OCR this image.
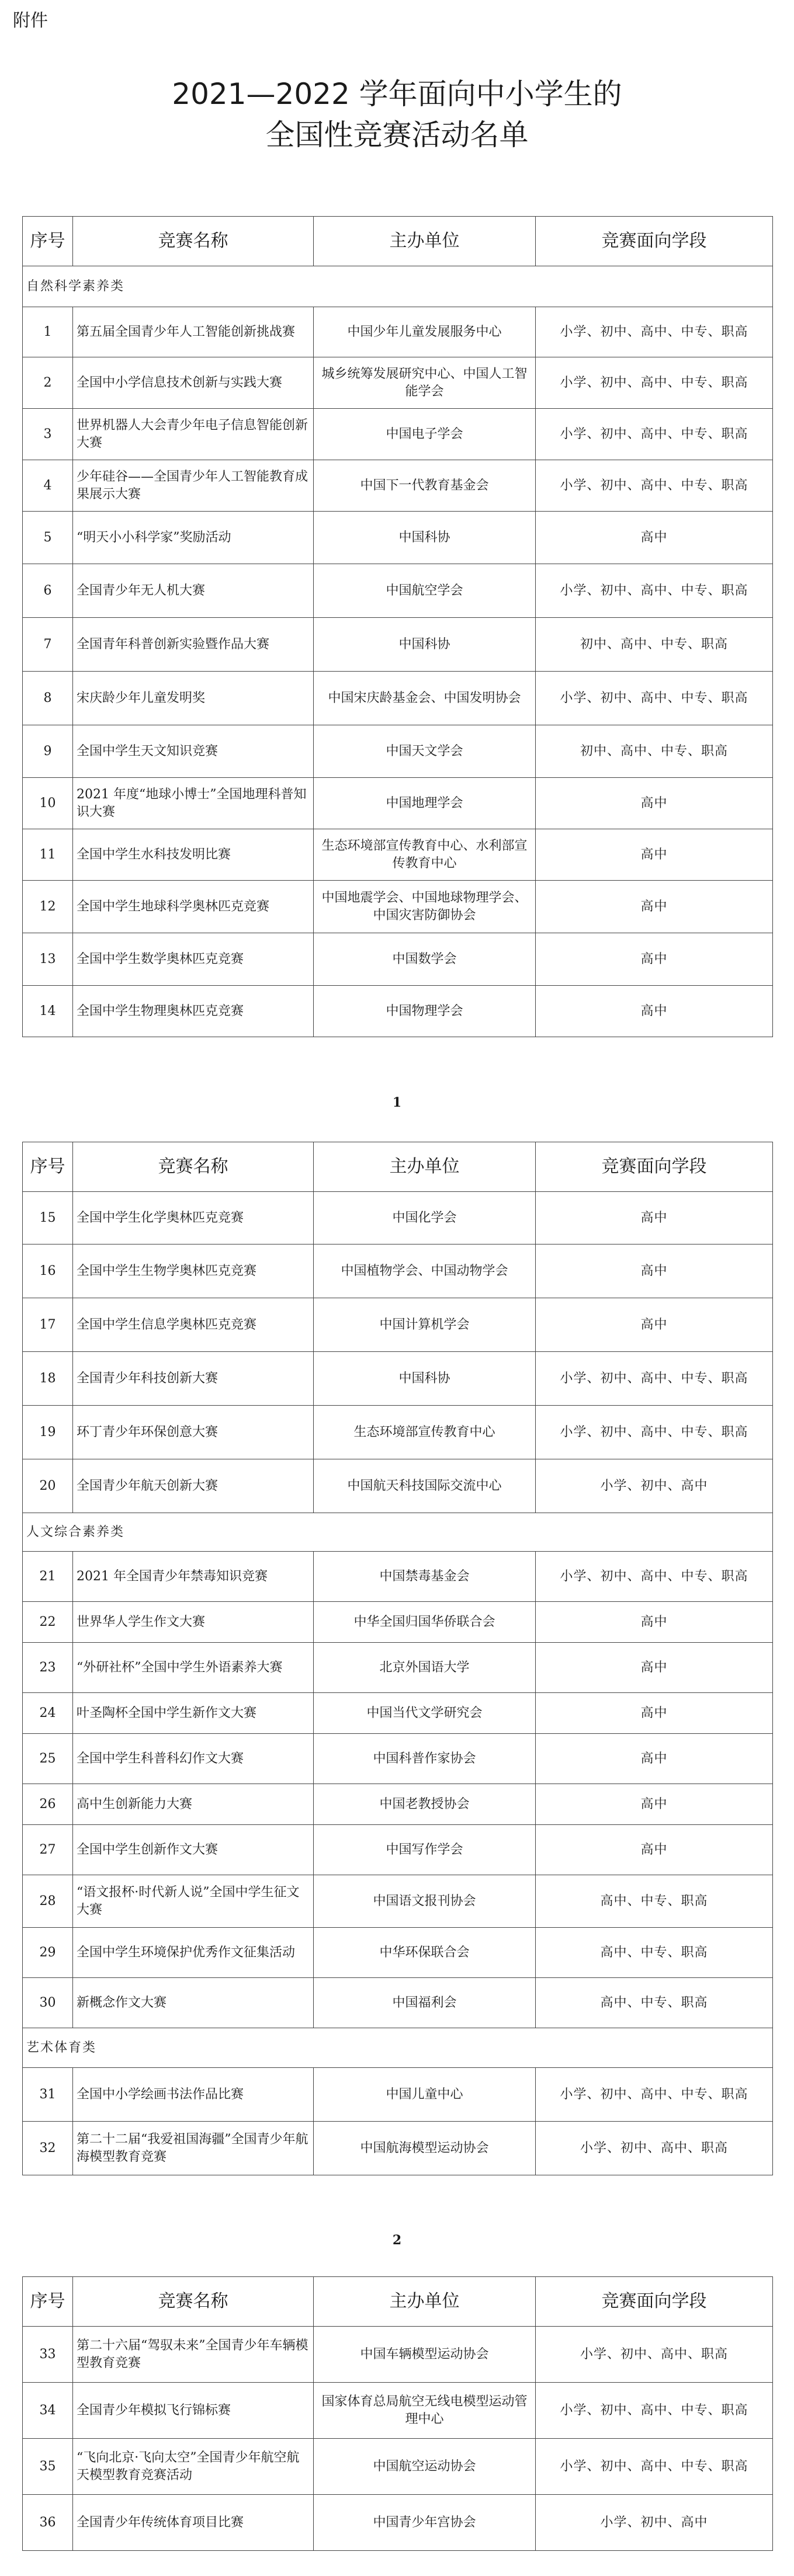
附件
2021—2022 学年面向中小学生的
全国性竞赛活动名单
序号	竞赛名称	主办单位	竞赛面向学段
自然科学素养类			
1	第五届全国青少年人工智能创新挑战赛	中国少年儿童发展服务中心	小学、初中、高中、中专、职高
2	全国中小学信息技术创新与实践大赛	城乡统筹发展研究中心、中国人工智能学会	小学、初中、高中、中专、职高
3	世界机器人大会青少年电子信息智能创新大赛	中国电子学会	小学、初中、高中、中专、职高
4	少年硅谷——全国青少年人工智能教育成果展示大赛	中国下一代教育基金会	小学、初中、高中、中专、职高
5	“明天小小科学家”奖励活动	中国科协	高中
6	全国青少年无人机大赛	中国航空学会	小学、初中、高中、中专、职高
7	全国青年科普创新实验暨作品大赛	中国科协	初中、高中、中专、职高
8	宋庆龄少年儿童发明奖	中国宋庆龄基金会、中国发明协会	小学、初中、高中、中专、职高
9	全国中学生天文知识竞赛	中国天文学会	初中、高中、中专、职高
10	2021 年度“地球小博士”全国地理科普知识大赛	中国地理学会	高中
11	全国中学生水科技发明比赛	生态环境部宣传教育中心、水利部宣传教育中心	高中
12	全国中学生地球科学奥林匹克竞赛	中国地震学会、中国地球物理学会、中国灾害防御协会	高中
13	全国中学生数学奥林匹克竞赛	中国数学会	高中
14	全国中学生物理奥林匹克竞赛	中国物理学会	高中
序号	竞赛名称	主办单位	竞赛面向学段
15	全国中学生化学奥林匹克竞赛	中国化学会	高中
16	全国中学生生物学奥林匹克竞赛	中国植物学会、中国动物学会	高中
17	全国中学生信息学奥林匹克竞赛	中国计算机学会	高中
18	全国青少年科技创新大赛	中国科协	小学、初中、高中、中专、职高
19	环丁青少年环保创意大赛	生态环境部宣传教育中心	小学、初中、高中、中专、职高
20	全国青少年航天创新大赛	中国航天科技国际交流中心	小学、初中、高中
人文综合素养类			
21	2021 年全国青少年禁毒知识竞赛	中国禁毒基金会	小学、初中、高中、中专、职高
22	世界华人学生作文大赛	中华全国归国华侨联合会	高中
23	“外研社杯”全国中学生外语素养大赛	北京外国语大学	高中
24	叶圣陶杯全国中学生新作文大赛	中国当代文学研究会	高中
25	全国中学生科普科幻作文大赛	中国科普作家协会	高中
26	高中生创新能力大赛	中国老教授协会	高中
27	全国中学生创新作文大赛	中国写作学会	高中
28	“语文报杯·时代新人说”全国中学生征文大赛	中国语文报刊协会	高中、中专、职高
29	全国中学生环境保护优秀作文征集活动	中华环保联合会	高中、中专、职高
30	新概念作文大赛	中国福利会	高中、中专、职高
艺术体育类			
31	全国中小学绘画书法作品比赛	中国儿童中心	小学、初中、高中、中专、职高
32	第二十二届“我爱祖国海疆”全国青少年航海模型教育竞赛	中国航海模型运动协会	小学、初中、高中、职高
序号	竞赛名称	主办单位	竞赛面向学段
33	第二十六届“驾驭未来”全国青少年车辆模型教育竞赛	中国车辆模型运动协会	小学、初中、高中、职高
34	全国青少年模拟飞行锦标赛	国家体育总局航空无线电模型运动管理中心	小学、初中、高中、中专、职高
35	“飞向北京·飞向太空”全国青少年航空航天模型教育竞赛活动	中国航空运动协会	小学、初中、高中、中专、职高
36	全国青少年传统体育项目比赛	中国青少年宫协会	小学、初中、高中
1
2
